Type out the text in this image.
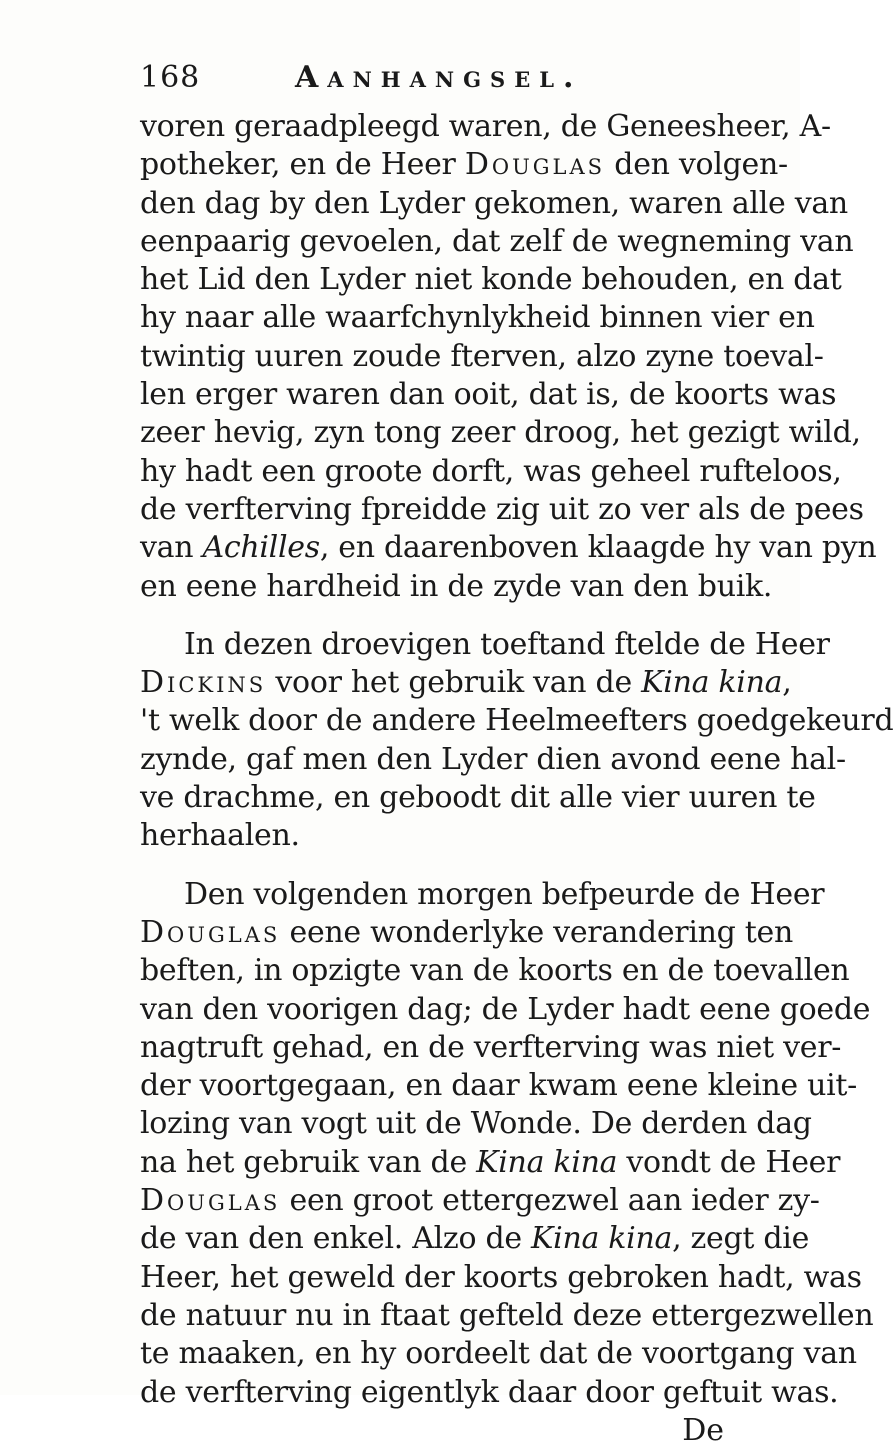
168	Aanhangsel.
voren geraadpleegd waren, de Geneesheer, A-
potheker, en de Heer Douglas den volgen-
den dag by den Lyder gekomen, waren alle van
eenpaarig gevoelen, dat zelf de wegneming van
het Lid den Lyder niet konde behouden, en dat
hy naar alle waarfchynlykheid binnen vier en
twintig uuren zoude fterven, alzo zyne toeval-
len erger waren dan ooit, dat is, de koorts was
zeer hevig, zyn tong zeer droog, het gezigt wild,
hy hadt een groote dorft, was geheel rufteloos,
de verfterving fpreidde zig uit zo ver als de pees
van Achilles, en daarenboven klaagde hy van pyn
en eene hardheid in de zyde van den buik.
In dezen droevigen toeftand ftelde de Heer
Dickins voor het gebruik van de Kina kina,
't welk door de andere Heelmeefters goedgekeurd
zynde, gaf men den Lyder dien avond eene hal-
ve drachme, en geboodt dit alle vier uuren te
herhaalen.
Den volgenden morgen befpeurde de Heer
Douglas eene wonderlyke verandering ten
beften, in opzigte van de koorts en de toevallen
van den voorigen dag; de Lyder hadt eene goede
nagtruft gehad, en de verfterving was niet ver-
der voortgegaan, en daar kwam eene kleine uit-
lozing van vogt uit de Wonde. De derden dag
na het gebruik van de Kina kina vondt de Heer
Douglas een groot ettergezwel aan ieder zy-
de van den enkel. Alzo de Kina kina, zegt die
Heer, het geweld der koorts gebroken hadt, was
de natuur nu in ftaat gefteld deze ettergezwellen
te maaken, en hy oordeelt dat de voortgang van
de verfterving eigentlyk daar door geftuit was.
De
